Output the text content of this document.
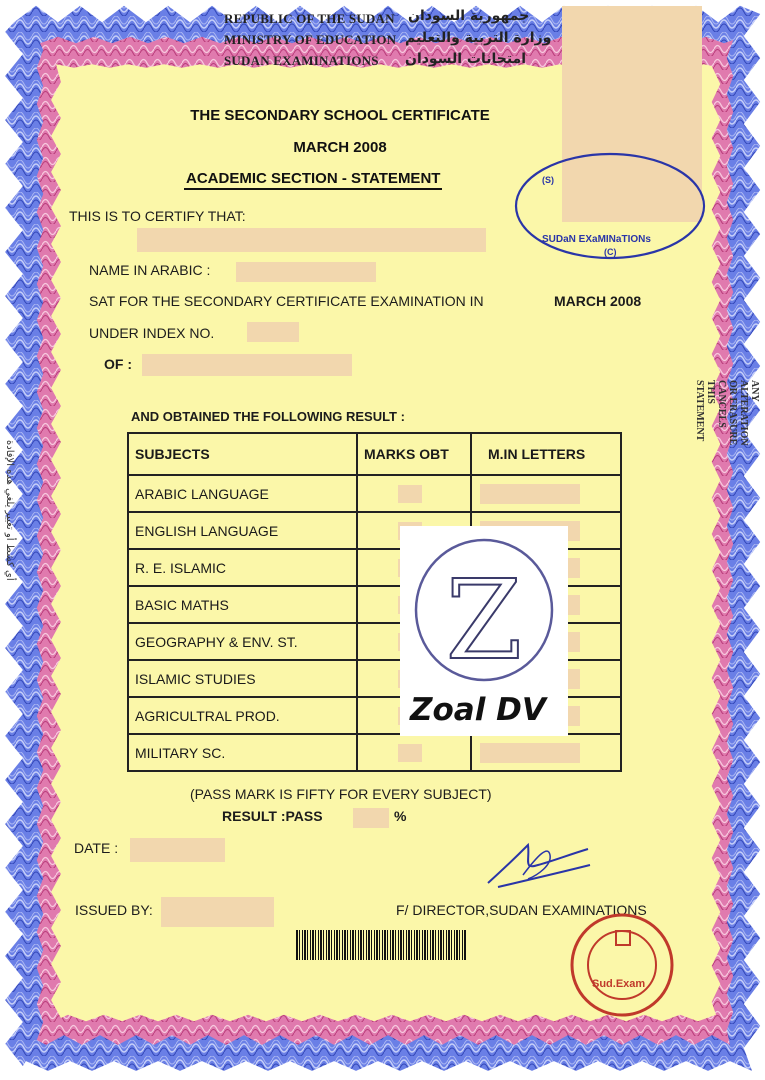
REPUBLIC OF THE SUDAN
MINISTRY OF EDUCATION
SUDAN EXAMINATIONS
جمهورية السودان
وزارة التربية والتعليم
امتحانات السودان
(S)
SUDaN EXaMINaTIONs
(C)
THE SECONDARY SCHOOL CERTIFICATE
MARCH 2008
ACADEMIC SECTION - STATEMENT
THIS IS TO CERTIFY THAT:
NAME IN ARABIC :
SAT FOR THE SECONDARY CERTIFICATE EXAMINATION IN	MARCH 2008
UNDER INDEX NO.
OF :
AND OBTAINED THE FOLLOWING RESULT :
SUBJECTS	MARKS OBT	M.IN LETTERS
ARABIC LANGUAGE	

ENGLISH LANGUAGE	

R. E. ISLAMIC	

BASIC MATHS	

GEOGRAPHY & ENV. ST.	

ISLAMIC STUDIES	

AGRICULTRAL PROD.	

MILITARY SC.	

Z
Zoal DV
(PASS MARK IS FIFTY FOR EVERY SUBJECT)
RESULT :PASS	%
DATE :
ISSUED BY:	F/ DIRECTOR,SUDAN EXAMINATIONS
Sud.Exam
ANY ALTERATION OR ERASURE CANCELS THIS STATEMENT
أي كشط أو تغيير يلغي هذه الإفادة
